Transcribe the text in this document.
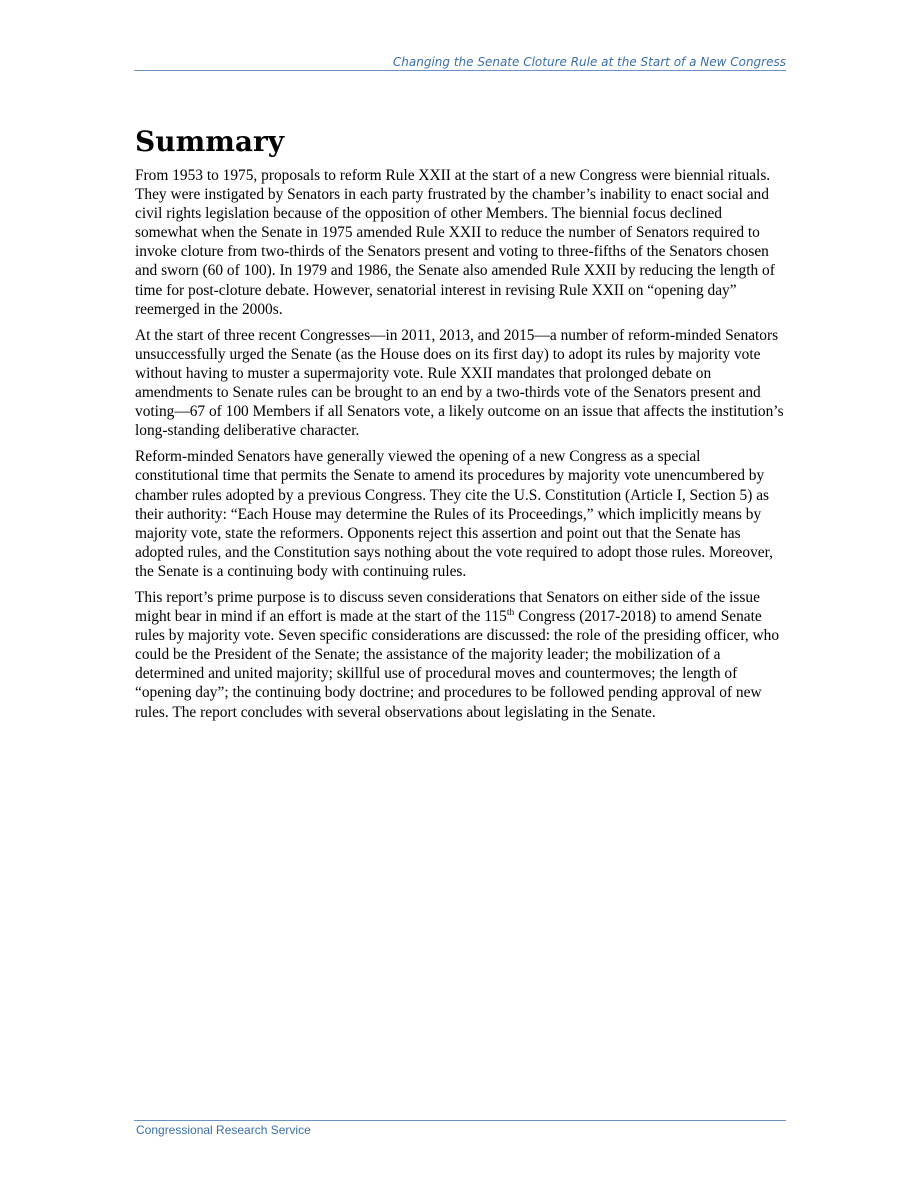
Changing the Senate Cloture Rule at the Start of a New Congress
Summary

From 1953 to 1975, proposals to reform Rule XXII at the start of a new Congress were biennial rituals. They were instigated by Senators in each party frustrated by the chamber’s inability to enact social and civil rights legislation because of the opposition of other Members. The biennial focus declined somewhat when the Senate in 1975 amended Rule XXII to reduce the number of Senators required to invoke cloture from two-thirds of the Senators present and voting to three-fifths of the Senators chosen and sworn (60 of 100). In 1979 and 1986, the Senate also amended Rule XXII by reducing the length of time for post-cloture debate. However, senatorial interest in revising Rule XXII on “opening day” reemerged in the 2000s.

At the start of three recent Congresses—in 2011, 2013, and 2015—a number of reform-minded Senators unsuccessfully urged the Senate (as the House does on its first day) to adopt its rules by majority vote without having to muster a supermajority vote. Rule XXII mandates that prolonged debate on amendments to Senate rules can be brought to an end by a two-thirds vote of the Senators present and voting—67 of 100 Members if all Senators vote, a likely outcome on an issue that affects the institution’s long-standing deliberative character.

Reform-minded Senators have generally viewed the opening of a new Congress as a special constitutional time that permits the Senate to amend its procedures by majority vote unencumbered by chamber rules adopted by a previous Congress. They cite the U.S. Constitution (Article I, Section 5) as their authority: “Each House may determine the Rules of its Proceedings,” which implicitly means by majority vote, state the reformers. Opponents reject this assertion and point out that the Senate has adopted rules, and the Constitution says nothing about the vote required to adopt those rules. Moreover, the Senate is a continuing body with continuing rules.

This report’s prime purpose is to discuss seven considerations that Senators on either side of the issue might bear in mind if an effort is made at the start of the 115th Congress (2017-2018) to amend Senate rules by majority vote. Seven specific considerations are discussed: the role of the presiding officer, who could be the President of the Senate; the assistance of the majority leader; the mobilization of a determined and united majority; skillful use of procedural moves and countermoves; the length of “opening day”; the continuing body doctrine; and procedures to be followed pending approval of new rules. The report concludes with several observations about legislating in the Senate.

Congressional Research Service
